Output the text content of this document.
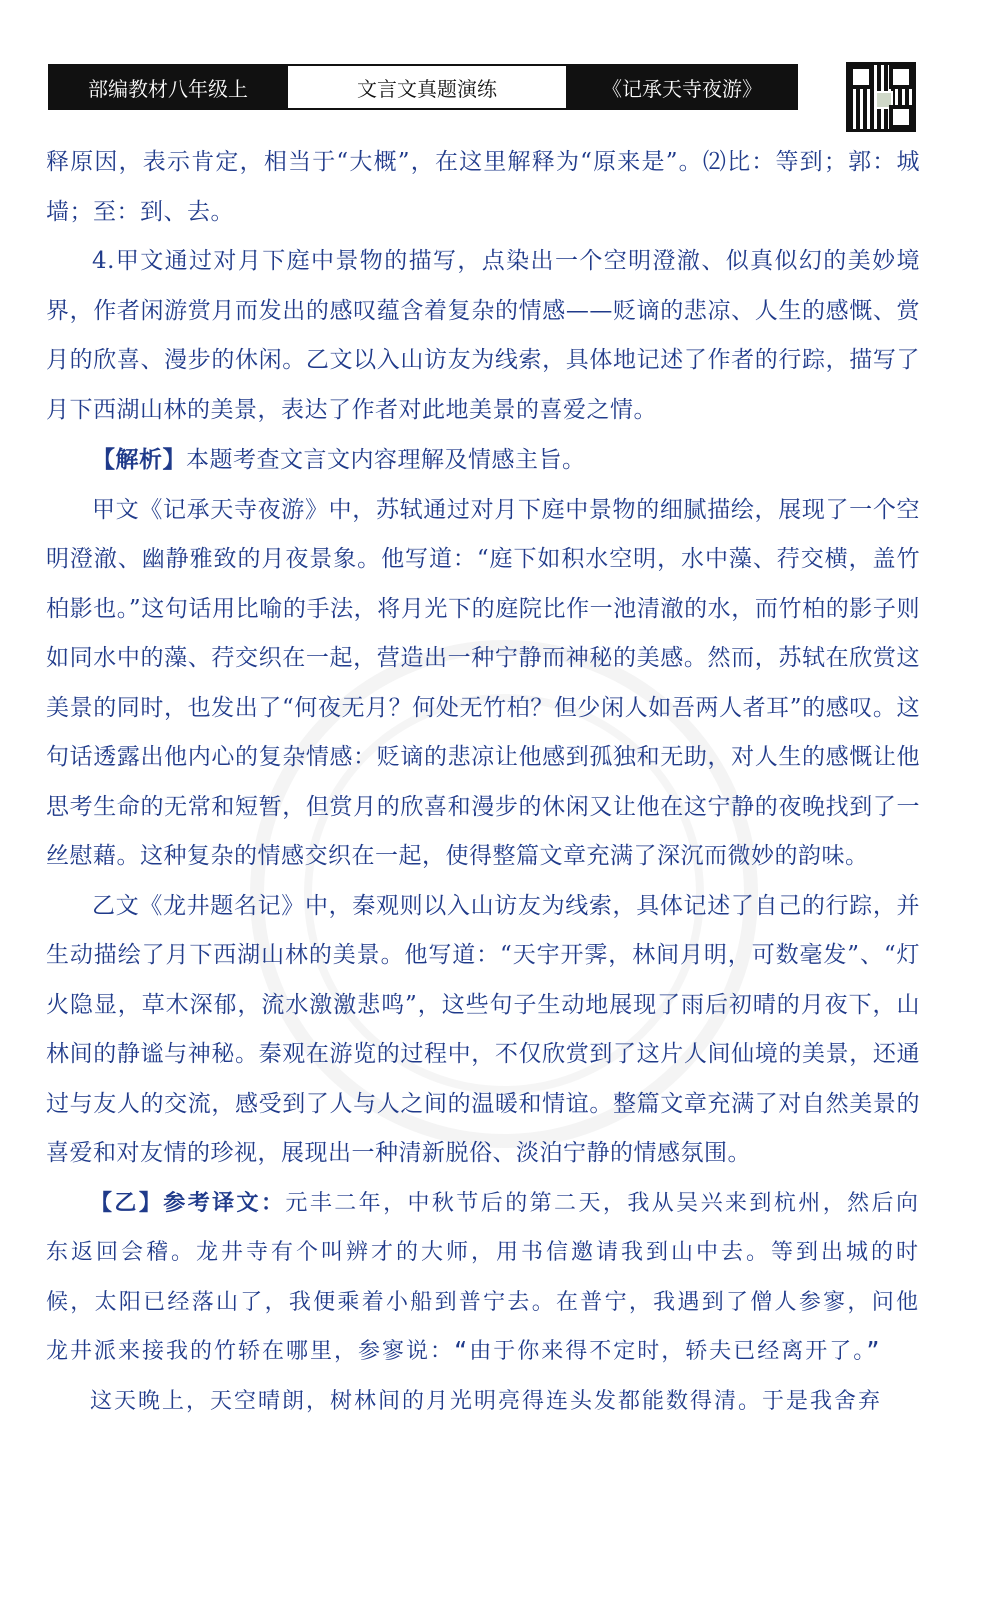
部编教材八年级上	文言文真题演练	《记承天寺夜游》

释原因，表示肯定，相当于“大概”，在这里解释为“原来是”。⑵比：等到；郭：城墙；至：到、去。

4.甲文通过对月下庭中景物的描写，点染出一个空明澄澈、似真似幻的美妙境界，作者闲游赏月而发出的感叹蕴含着复杂的情感——贬谪的悲凉、人生的感慨、赏月的欣喜、漫步的休闲。乙文以入山访友为线索，具体地记述了作者的行踪，描写了月下西湖山林的美景，表达了作者对此地美景的喜爱之情。

【解析】本题考查文言文内容理解及情感主旨。

甲文《记承天寺夜游》中，苏轼通过对月下庭中景物的细腻描绘，展现了一个空明澄澈、幽静雅致的月夜景象。他写道：“庭下如积水空明，水中藻、荇交横，盖竹柏影也。”这句话用比喻的手法，将月光下的庭院比作一池清澈的水，而竹柏的影子则如同水中的藻、荇交织在一起，营造出一种宁静而神秘的美感。然而，苏轼在欣赏这美景的同时，也发出了“何夜无月？何处无竹柏？但少闲人如吾两人者耳”的感叹。这句话透露出他内心的复杂情感：贬谪的悲凉让他感到孤独和无助，对人生的感慨让他思考生命的无常和短暂，但赏月的欣喜和漫步的休闲又让他在这宁静的夜晚找到了一丝慰藉。这种复杂的情感交织在一起，使得整篇文章充满了深沉而微妙的韵味。

乙文《龙井题名记》中，秦观则以入山访友为线索，具体记述了自己的行踪，并生动描绘了月下西湖山林的美景。他写道：“天宇开霁，林间月明，可数毫发”、“灯火隐显，草木深郁，流水激激悲鸣”，这些句子生动地展现了雨后初晴的月夜下，山林间的静谧与神秘。秦观在游览的过程中，不仅欣赏到了这片人间仙境的美景，还通过与友人的交流，感受到了人与人之间的温暖和情谊。整篇文章充满了对自然美景的喜爱和对友情的珍视，展现出一种清新脱俗、淡泊宁静的情感氛围。

【乙】参考译文：元丰二年，中秋节后的第二天，我从吴兴来到杭州，然后向东返回会稽。龙井寺有个叫辨才的大师，用书信邀请我到山中去。等到出城的时候，太阳已经落山了，我便乘着小船到普宁去。在普宁，我遇到了僧人参寥，问他龙井派来接我的竹轿在哪里，参寥说：“由于你来得不定时，轿夫已经离开了。”

这天晚上，天空晴朗，树林间的月光明亮得连头发都能数得清。于是我舍弃
